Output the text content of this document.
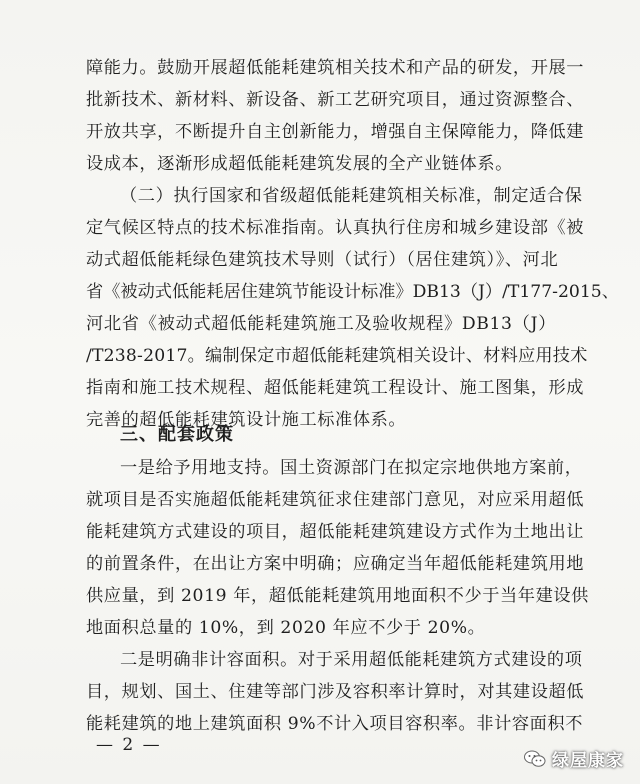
障能力。鼓励开展超低能耗建筑相关技术和产品的研发，开展一
批新技术、新材料、新设备、新工艺研究项目，通过资源整合、
开放共享，不断提升自主创新能力，增强自主保障能力，降低建
设成本，逐渐形成超低能耗建筑发展的全产业链体系。
（二）执行国家和省级超低能耗建筑相关标准，制定适合保
定气候区特点的技术标准指南。认真执行住房和城乡建设部《被
动式超低能耗绿色建筑技术导则（试行）（居住建筑）》、河北
省《被动式低能耗居住建筑节能设计标准》DB13（J）/T177-2015、
河北省《被动式超低能耗建筑施工及验收规程》DB13（J）
/T238-2017。编制保定市超低能耗建筑相关设计、材料应用技术
指南和施工技术规程、超低能耗建筑工程设计、施工图集，形成
完善的超低能耗建筑设计施工标准体系。
三、配套政策
一是给予用地支持。国土资源部门在拟定宗地供地方案前，
就项目是否实施超低能耗建筑征求住建部门意见，对应采用超低
能耗建筑方式建设的项目，超低能耗建筑建设方式作为土地出让
的前置条件，在出让方案中明确；应确定当年超低能耗建筑用地
供应量，到 2019 年，超低能耗建筑用地面积不少于当年建设供
地面积总量的 10%，到 2020 年应不少于 20%。
二是明确非计容面积。对于采用超低能耗建筑方式建设的项
目，规划、国土、住建等部门涉及容积率计算时，对其建设超低
能耗建筑的地上建筑面积 9%不计入项目容积率。非计容面积不
— 2 —
绿屋康家
